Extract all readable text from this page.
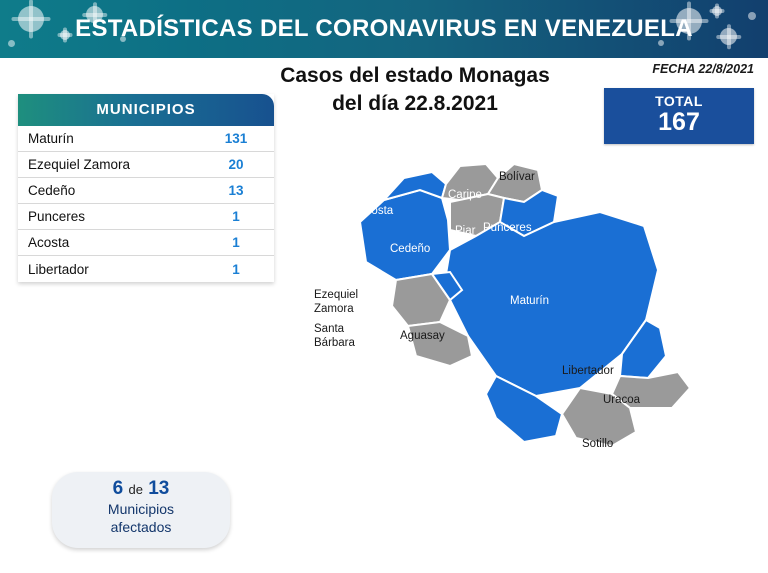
ESTADÍSTICAS DEL CORONAVIRUS EN VENEZUELA
FECHA 22/8/2021
Casos del estado Monagas
del día 22.8.2021	TOTAL
167
MUNICIPIOS
Maturín	131
Ezequiel Zamora	20
Cedeño	13
Punceres	1
Acosta	1
Libertador	1
Acosta
Caripe
Bolívar
Piar Punceres
Cedeño
Maturín
Ezequiel
Zamora
Santa
Bárbara
Aguasay
Libertador
Uracoa
Sotillo
6 de 13
Municipios
afectados
